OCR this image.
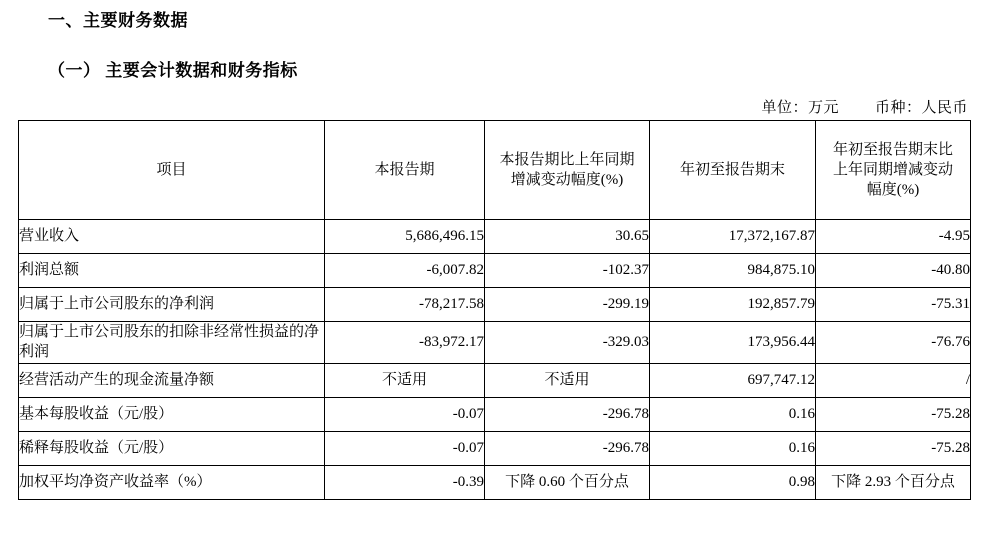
一、主要财务数据
（一） 主要会计数据和财务指标
单位：万元 币种：人民币
项目	本报告期	本报告期比上年同期增减变动幅度(%)	年初至报告期末	年初至报告期末比上年同期增减变动幅度(%)
营业收入	5,686,496.15	30.65	17,372,167.87	-4.95
利润总额	-6,007.82	-102.37	984,875.10	-40.80
归属于上市公司股东的净利润	-78,217.58	-299.19	192,857.79	-75.31
归属于上市公司股东的扣除非经常性损益的净利润	-83,972.17	-329.03	173,956.44	-76.76
经营活动产生的现金流量净额	不适用	不适用	697,747.12	/
基本每股收益（元/股）	-0.07	-296.78	0.16	-75.28
稀释每股收益（元/股）	-0.07	-296.78	0.16	-75.28
加权平均净资产收益率（%）	-0.39	下降 0.60 个百分点	0.98	下降 2.93 个百分点
